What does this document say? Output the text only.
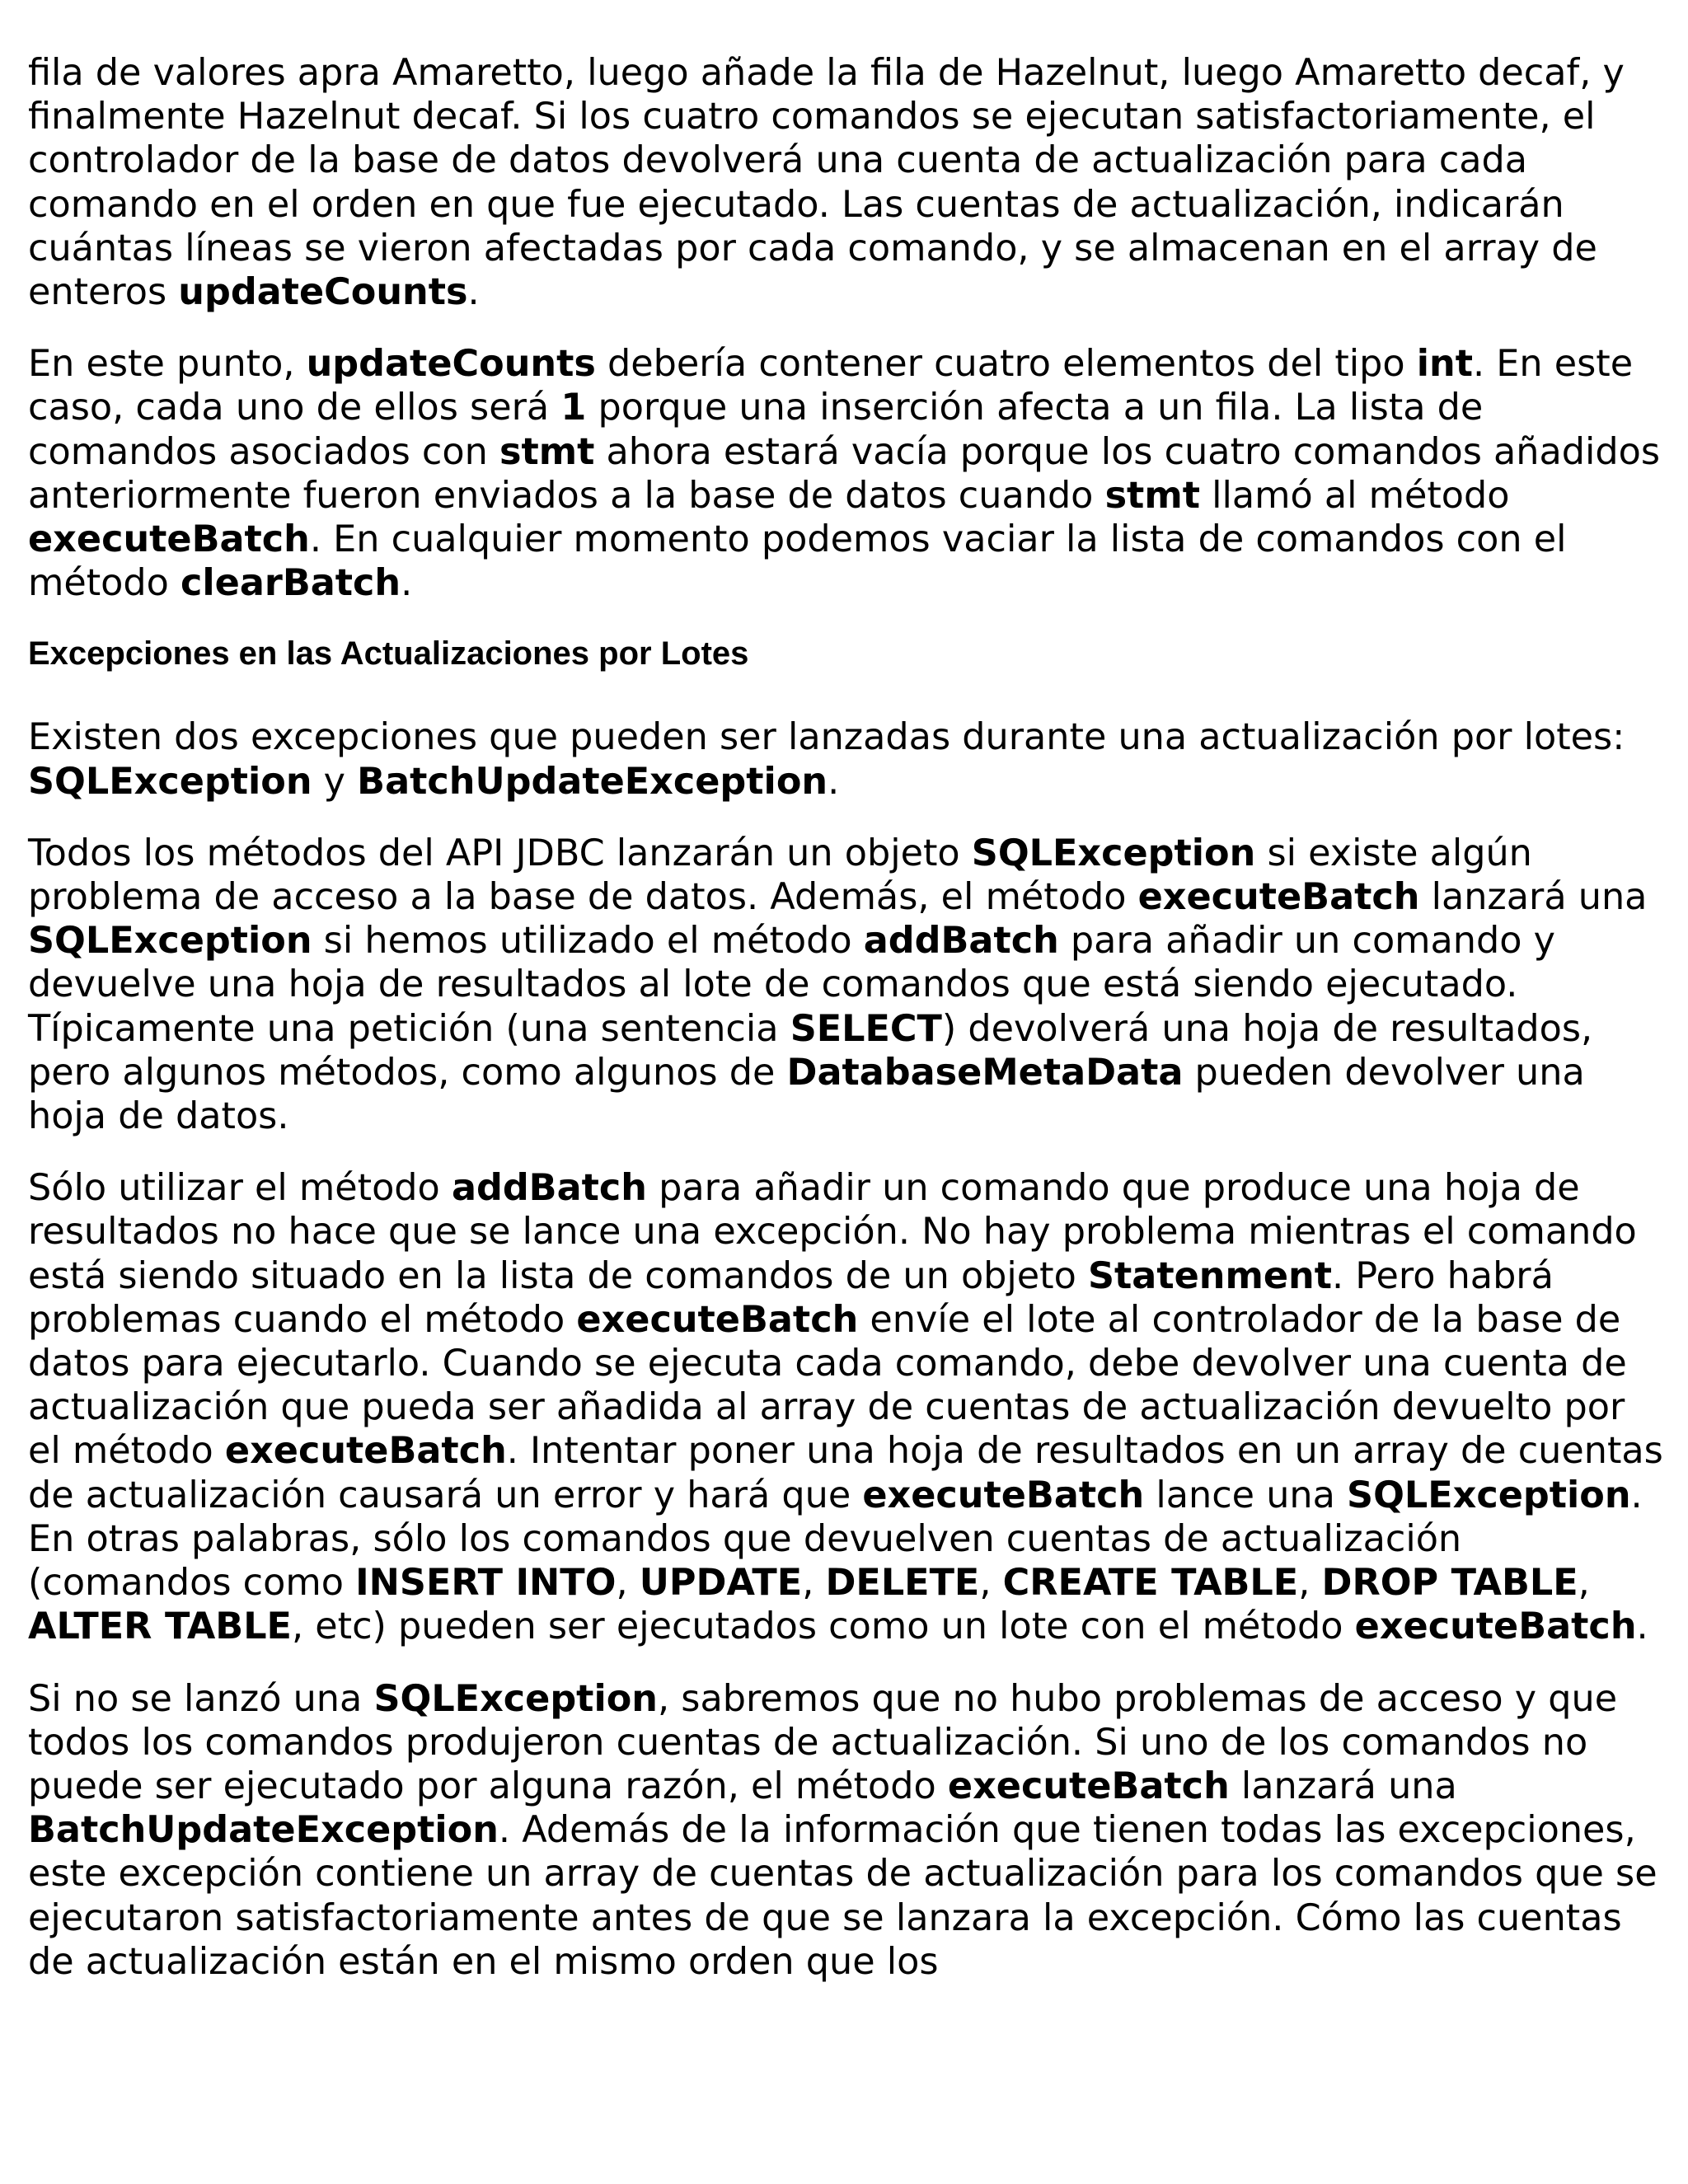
fila de valores apra Amaretto, luego añade la fila de Hazelnut, luego Amaretto decaf, y finalmente Hazelnut decaf. Si los cuatro comandos se ejecutan satisfactoriamente, el controlador de la base de datos devolverá una cuenta de actualización para cada comando en el orden en que fue ejecutado. Las cuentas de actualización, indicarán cuántas líneas se vieron afectadas por cada comando, y se almacenan en el array de enteros updateCounts.

En este punto, updateCounts debería contener cuatro elementos del tipo int. En este caso, cada uno de ellos será 1 porque una inserción afecta a un fila. La lista de comandos asociados con stmt ahora estará vacía porque los cuatro comandos añadidos anteriormente fueron enviados a la base de datos cuando stmt llamó al método executeBatch. En cualquier momento podemos vaciar la lista de comandos con el método clearBatch.

Excepciones en las Actualizaciones por Lotes

Existen dos excepciones que pueden ser lanzadas durante una actualización por lotes: SQLException y BatchUpdateException.

Todos los métodos del API JDBC lanzarán un objeto SQLException si existe algún problema de acceso a la base de datos. Además, el método executeBatch lanzará una SQLException si hemos utilizado el método addBatch para añadir un comando y devuelve una hoja de resultados al lote de comandos que está siendo ejecutado. Típicamente una petición (una sentencia SELECT) devolverá una hoja de resultados, pero algunos métodos, como algunos de DatabaseMetaData pueden devolver una hoja de datos.

Sólo utilizar el método addBatch para añadir un comando que produce una hoja de resultados no hace que se lance una excepción. No hay problema mientras el comando está siendo situado en la lista de comandos de un objeto Statenment. Pero habrá problemas cuando el método executeBatch envíe el lote al controlador de la base de datos para ejecutarlo. Cuando se ejecuta cada comando, debe devolver una cuenta de actualización que pueda ser añadida al array de cuentas de actualización devuelto por el método executeBatch. Intentar poner una hoja de resultados en un array de cuentas de actualización causará un error y hará que executeBatch lance una SQLException. En otras palabras, sólo los comandos que devuelven cuentas de actualización (comandos como INSERT INTO, UPDATE, DELETE, CREATE TABLE, DROP TABLE, ALTER TABLE, etc) pueden ser ejecutados como un lote con el método executeBatch.

Si no se lanzó una SQLException, sabremos que no hubo problemas de acceso y que todos los comandos produjeron cuentas de actualización. Si uno de los comandos no puede ser ejecutado por alguna razón, el método executeBatch lanzará una BatchUpdateException. Además de la información que tienen todas las excepciones, este excepción contiene un array de cuentas de actualización para los comandos que se ejecutaron satisfactoriamente antes de que se lanzara la excepción. Cómo las cuentas de actualización están en el mismo orden que los
